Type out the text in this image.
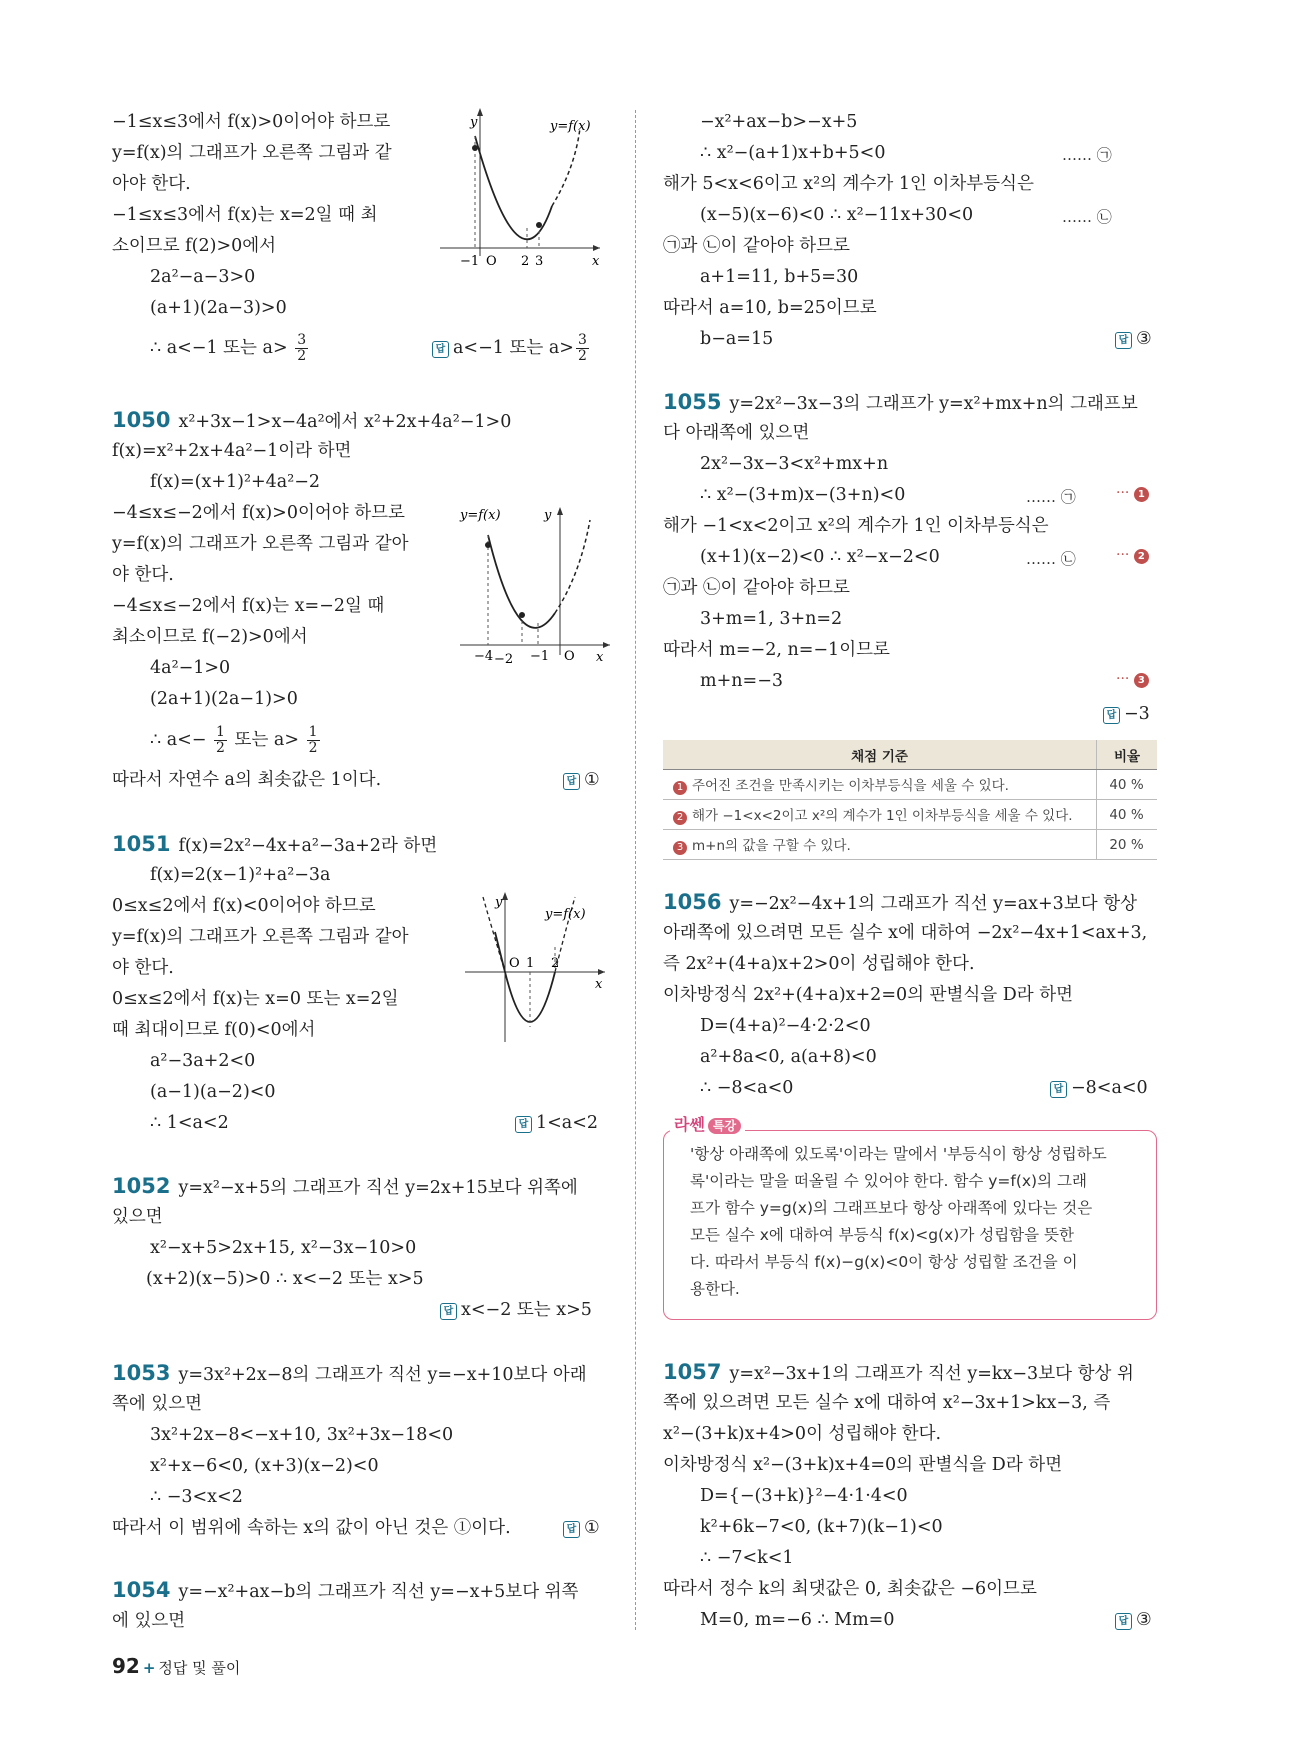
−1≤x≤3에서 f(x)>0이어야 하므로
y=f(x)의 그래프가 오른쪽 그림과 같
아야 한다.
−1≤x≤3에서 f(x)는 x=2일 때 최
소이므로 f(2)>0에서
2a²−a−3>0
(a+1)(2a−3)>0
∴ a<−1 또는 $a> \frac{3}{2}$	답 a<−1 또는 $a> \frac{3}{2}$
y
x
y=f(x)
−1 O 2 3
1050 x²+3x−1>x−4a²에서 x²+2x+4a²−1>0
f(x)=x²+2x+4a²−1이라 하면
f(x)=(x+1)²+4a²−2
−4≤x≤−2에서 f(x)>0이어야 하므로
y=f(x)의 그래프가 오른쪽 그림과 같아
야 한다.
−4≤x≤−2에서 f(x)는 x=−2일 때
최소이므로 f(−2)>0에서
4a²−1>0
(2a+1)(2a−1)>0
∴ $a<- \frac{1}{2}$ 또는 $a> \frac{1}{2}$
따라서 자연수 a의 최솟값은 1이다.	답 ①
y=f(x)	y
x
−4	−1 O
−2
1051 f(x)=2x²−4x+a²−3a+2라 하면
f(x)=2(x−1)²+a²−3a
0≤x≤2에서 f(x)<0이어야 하므로
y=f(x)의 그래프가 오른쪽 그림과 같아
야 한다.
0≤x≤2에서 f(x)는 x=0 또는 x=2일
때 최대이므로 f(0)<0에서
a²−3a+2<0
(a−1)(a−2)<0
∴ 1<a<2	답 1<a<2
y
x
y=f(x)
O 1 2
1052 y=x²−x+5의 그래프가 직선 y=2x+15보다 위쪽에
있으면
x²−x+5>2x+15, x²−3x−10>0
(x+2)(x−5)>0 ∴ x<−2 또는 x>5
답 x<−2 또는 x>5
1053 y=3x²+2x−8의 그래프가 직선 y=−x+10보다 아래
쪽에 있으면
3x²+2x−8<−x+10, 3x²+3x−18<0
x²+x−6<0, (x+3)(x−2)<0
∴ −3<x<2
따라서 이 범위에 속하는 x의 값이 아닌 것은 ①이다.	답 ①
1054 y=−x²+ax−b의 그래프가 직선 y=−x+5보다 위쪽
에 있으면
−x²+ax−b>−x+5
∴ x²−(a+1)x+b+5<0	…… ㉠
해가 5<x<6이고 x²의 계수가 1인 이차부등식은
(x−5)(x−6)<0 ∴ x²−11x+30<0	…… ㉡
㉠과 ㉡이 같아야 하므로
a+1=11, b+5=30
따라서 a=10, b=25이므로
b−a=15	답 ③
1055 y=2x²−3x−3의 그래프가 y=x²+mx+n의 그래프보
다 아래쪽에 있으면
2x²−3x−3<x²+mx+n
∴ x²−(3+m)x−(3+n)<0	…… ㉠	··· 1
해가 −1<x<2이고 x²의 계수가 1인 이차부등식은
(x+1)(x−2)<0 ∴ x²−x−2<0	…… ㉡	··· 2
㉠과 ㉡이 같아야 하므로
3+m=1, 3+n=2
따라서 m=−2, n=−1이므로
m+n=−3	··· 3
답 −3
채점 기준	비율
1 주어진 조건을 만족시키는 이차부등식을 세울 수 있다.	40 %
2 해가 −1<x<2이고 x²의 계수가 1인 이차부등식을 세울 수 있다.	40 %
3 m+n의 값을 구할 수 있다.	20 %
1056 y=−2x²−4x+1의 그래프가 직선 y=ax+3보다 항상
아래쪽에 있으려면 모든 실수 x에 대하여 −2x²−4x+1<ax+3,
즉 2x²+(4+a)x+2>0이 성립해야 한다.
이차방정식 2x²+(4+a)x+2=0의 판별식을 D라 하면
D=(4+a)²−4·2·2<0
a²+8a<0, a(a+8)<0
∴ −8<a<0	답 −8<a<0
라쎈 특강
'항상 아래쪽에 있도록'이라는 말에서 '부등식이 항상 성립하도
록'이라는 말을 떠올릴 수 있어야 한다. 함수 y=f(x)의 그래
프가 함수 y=g(x)의 그래프보다 항상 아래쪽에 있다는 것은
모든 실수 x에 대하여 부등식 f(x)<g(x)가 성립함을 뜻한
다. 따라서 부등식 f(x)−g(x)<0이 항상 성립할 조건을 이
용한다.
1057 y=x²−3x+1의 그래프가 직선 y=kx−3보다 항상 위
쪽에 있으려면 모든 실수 x에 대하여 x²−3x+1>kx−3, 즉
x²−(3+k)x+4>0이 성립해야 한다.
이차방정식 x²−(3+k)x+4=0의 판별식을 D라 하면
D={−(3+k)}²−4·1·4<0
k²+6k−7<0, (k+7)(k−1)<0
∴ −7<k<1
따라서 정수 k의 최댓값은 0, 최솟값은 −6이므로
M=0, m=−6 ∴ Mm=0	답 ③
92 + 정답 및 풀이
